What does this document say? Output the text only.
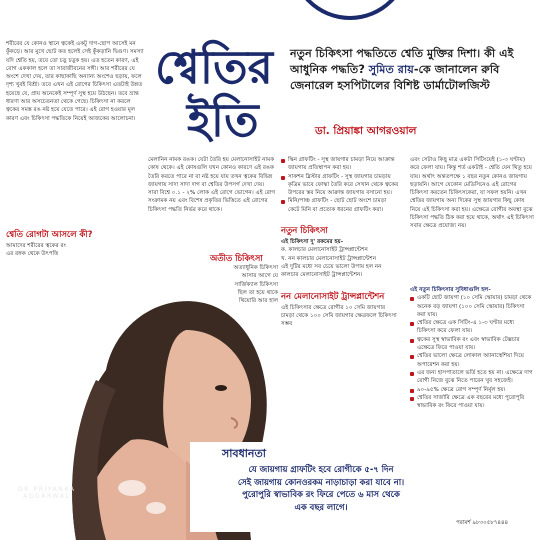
শ্বেতির
ইতি
নতুন চিকিৎসা পদ্ধতিতে শ্বেতি মুক্তির দিশা। কী এই আধুনিক পদ্ধতি? সুমিত রায়-কে জানালেন রুবি জেনারেল হসপিটালের বিশিষ্ট ডার্মাটোলজিস্ট
ডা. প্রিয়াঙ্কা আগরওয়াল
শরীরের যে কোনও স্থানে ত্বকেই একটু দাগ-ছোপ আসেই মন কুঁকড়ে। আর মুখে ছোট কত হলেই সেই কুঁকড়ানি দ্বিগুণ। সমস্যা যদি শ্বেতি হয়, তবে তো চড়ু চড়ুক হয়। এত হতেন কারণ, এই রোগ এককাল হলে তা সারাজীবনের সঙ্গী। আর শরীরের যে অংশে দেখা দেয়, তার কাছাকাছি অন্যান্য অংশেও ছড়ায়, ফলে দৃশ্য খুবই বিশ্রী। তবে এখন এই রোগের চিকিৎসা এতটাই উন্নত হয়েছে যে, প্রায় অনেকেই সম্পূর্ণ সুস্থ হয়ে উঠছেন। তবে ভ্রান্ত ধারণা আর অসচেতনতা থেকে গেছে। চিকিৎসা না করলে ত্বকের সমস্ত রঙ নষ্ট হয়ে যেতে পারে। এই রোগ হওয়ার মূল কারণ এবং চিকিৎসা পদ্ধতিকে নিয়েই আজকের আলোচনা।
শ্বেতি রোগটা আসলে কী?
আমাদের শরীরের ত্বকের রং এর রঙ্গক থেকে উৎপত্তি
মেলানিন নামক রঙক। যেটা তৈরি হয় মেলানোসাইট নামক কোষ থেকে। এই কোষগুলি যখন কোনও কারণে এই রঙক তৈরি করতে পারে না বা নষ্ট হয়ে যায় তখন ত্বকের বিভিন্ন জায়গায় সাদা সাদা দাগ বা শ্বেতির উপসর্গ দেখা দেয়। সারা বিশ্বে ০.১ - ২% লোক এই রোগে ভোগেন। এই রোগ সংক্রামক নয় এবং বিশেষ প্রকৃতির ভিত্তিতে এই রোগের চিকিৎসা পদ্ধতি নির্ভর করে থাকে।
অতীত চিকিৎসা
অত্যাধুনিক চিকিৎসা আসার আগে যে সার্জিক্যাল চিকিৎসা ছিল তা হয়ে থাকে থিয়োরি আর হাল
DR PRIYANKA
AGGARWAL
স্কিন গ্রাফটিং - সুস্থ জায়গার চামড়া নিয়ে আক্রান্ত জায়গায় প্রতিস্থাপন করা হয়।
সাকশন ব্লিস্টার গ্রাফটিং - সুস্থ জায়গার চামড়ায় কৃত্রিম ভাবে ফোস্কা তৈরি করে সেখান থেকে ত্বকের উপরের স্তর নিয়ে আক্রান্ত জায়গায় বসানো হয়।
মিনি/পাঞ্চ গ্রাফটিং - ছোট ছোট অংশে চামড়া কেটে মিনি বা প্রত্যেক ধরনের গ্রাফটিং করা।
নতুন চিকিৎসা
এই চিকিৎসা দু' রকমের হয়-
ক. কালচার মেলানোসাইট ট্রান্সপ্লান্টেশন
খ. নন কালচার মেলানোসাইট ট্রান্সপ্লান্টেশন
এই দুটির মধ্যে সব চেয়ে ভালো উপায় হল নন কালচার মেলানোসাইট ট্রান্সপ্লান্টেশন।
নন মেলানোসাইট ট্রান্সপ্লান্টেশন
এই চিকিৎসার ক্ষেত্রে রোগীর ১০ সেমি জায়গার চামড়া থেকে ১০০ সেমি জায়গার ক্ষেত্রফলে চিকিৎসা সম্ভব
এবং সেটাও কিছু মাত্র একটা সিটিংয়েই (১-৩ ঘণ্টায়) করে ফেলা যায়। কিন্তু শর্ত একটাই - শ্বেতি যেন থিতু হয়ে যায়। অর্থাৎ অন্ততপক্ষে ১ বছর নতুন কোনও জায়গায় ছড়ায়নি। আগে যেকোন মেডিসিনেও এই রোগের চিকিৎসা করতেন চিকিৎসকেরা, যা সফল হয়নি। এখন শ্বেতির জায়গায় অন্য দিকের সুস্থ জায়গার কিছু কোষ নিয়ে এই চিকিৎসা করা হয়। এক্ষেত্রে রোগীর অবস্থা বুঝে চিকিৎসা পদ্ধতি ঠিক করা হয়ে থাকে, অর্থাৎ এই চিকিৎসা সবার ক্ষেত্রে প্রযোজ্য নয়।
এই নতুন চিকিৎসার সুবিধাগুলি হল-
একটি ছোট জায়গা (১০ সেমি স্কোয়ার) চামড়া থেকে অনেক বড় জায়গা (১০০ সেমি স্কোয়ার) চিকিৎসা করা যায়।
শ্বেতির ক্ষেত্রে এক সিটিং-এ ১-৩ ঘণ্টার মধ্যে চিকিৎসা করে ফেলা যায়।
ত্বকের সুস্থ স্বাভাবিক রং এবং স্বাভাবিক টেক্সচার এক্ষেত্রে ফিরে পাওয়া যায়।
শ্বেতির ভালো ক্ষেত্রে লোকাল অ্যানাস্থেশিয়া দিয়ে অপারেশন করা হয়।
এর জন্য হাসপাতালে ভর্তি হতে হয় না। এক্ষেত্রে দাগ রোগী নিজে বুঝে নিতে পারেন খুব সহজেই।
৯০-৯৫% ক্ষেত্রে রোগ সম্পূর্ণ নির্মূল হয়।
শ্বেতির সার্জারি ক্ষেত্রে এক বছরের মধ্যে পুরোপুরি স্বাভাবিক রং ফিরে পাওয়া যায়।
সাবধানতা
যে জায়গায় গ্রাফটিং হবে রোগীকে ৫-৭ দিন
সেই জায়গায় কোনওরকম নাড়াচাড়া করা যাবে না।
পুরোপুরি স্বাভাবিক রং ফিরে পেতে ৬ মাস থেকে
এক বছর লাগে।
পরামর্শ ৯৮৩০৫৮৭৪৪৪
